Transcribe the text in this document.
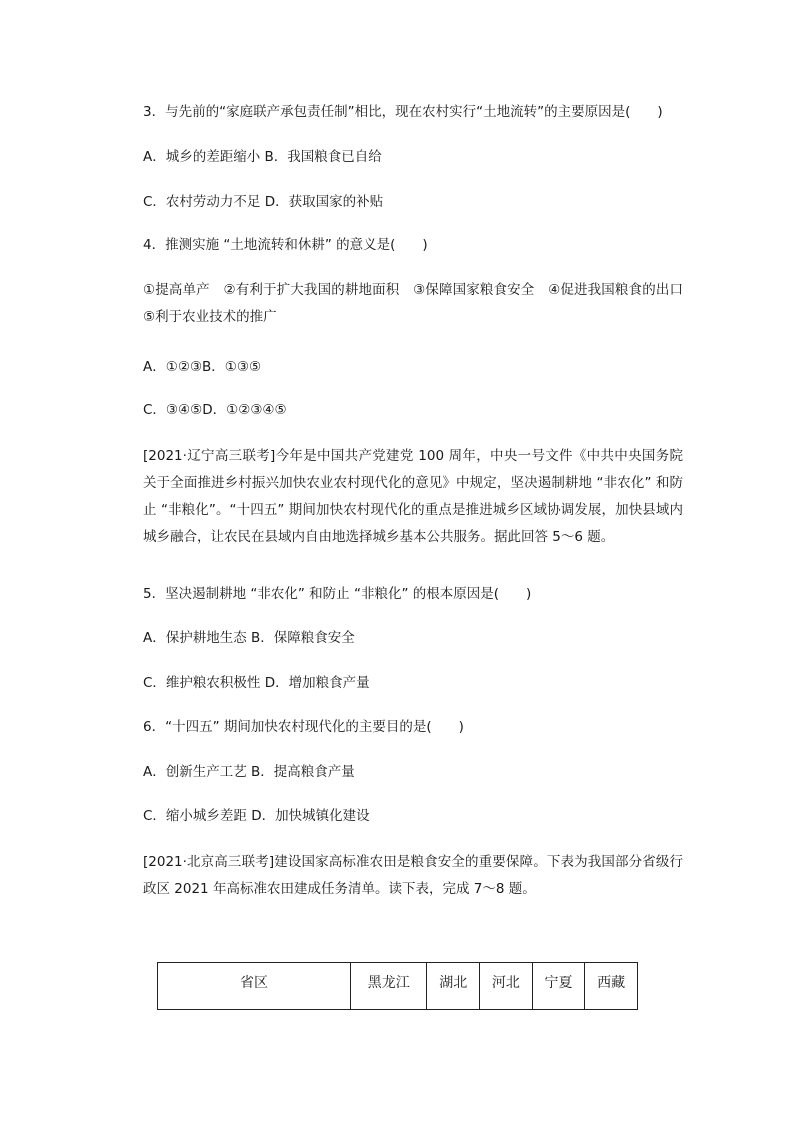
3．与先前的“家庭联产承包责任制”相比，现在农村实行“土地流转”的主要原因是(　　)
A．城乡的差距缩小 B．我国粮食已自给
C．农村劳动力不足 D．获取国家的补贴
4．推测实施 “土地流转和休耕” 的意义是(　　)
①提高单产　②有利于扩大我国的耕地面积　③保障国家粮食安全　④促进我国粮食的出口　⑤利于农业技术的推广
A．①②③B．①③⑤
C．③④⑤D．①②③④⑤
[2021·辽宁高三联考]今年是中国共产党建党 100 周年，中央一号文件《中共中央国务院关于全面推进乡村振兴加快农业农村现代化的意见》中规定，坚决遏制耕地 “非农化” 和防止 “非粮化”。“十四五” 期间加快农村现代化的重点是推进城乡区域协调发展，加快县域内城乡融合，让农民在县域内自由地选择城乡基本公共服务。据此回答 5～6 题。
5．坚决遏制耕地 “非农化” 和防止 “非粮化” 的根本原因是(　　)
A．保护耕地生态 B．保障粮食安全
C．维护粮农积极性 D．增加粮食产量
6．“十四五” 期间加快农村现代化的主要目的是(　　)
A．创新生产工艺 B．提高粮食产量
C．缩小城乡差距 D．加快城镇化建设
[2021·北京高三联考]建设国家高标准农田是粮食安全的重要保障。下表为我国部分省级行政区 2021 年高标准农田建成任务清单。读下表，完成 7～8 题。
省区	黑龙江	湖北	河北	宁夏	西藏
